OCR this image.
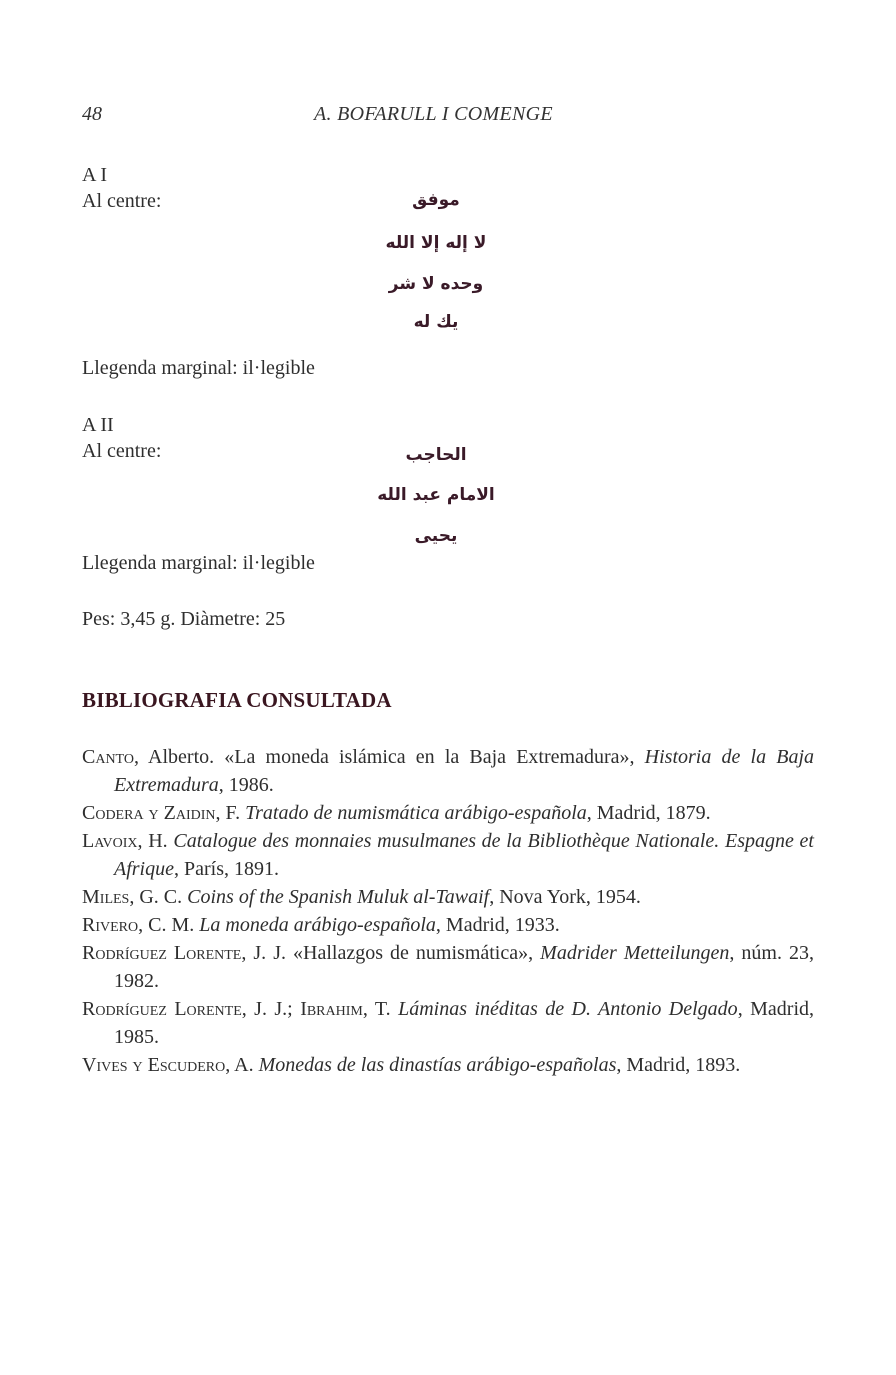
48	A. BOFARULL I COMENGE
A I
Al centre:	موفق
لا إله إلا الله
وحده لا شر
يك له
Llegenda marginal: il·legible
A II
Al centre:	الحاجب
الامام عبد الله
يحيى
Llegenda marginal: il·legible
Pes: 3,45 g. Diàmetre: 25
BIBLIOGRAFIA CONSULTADA

Canto, Alberto. «La moneda islámica en la Baja Extremadura», Historia de la Baja Extremadura, 1986.

Codera y Zaidin, F. Tratado de numismática arábigo-española, Madrid, 1879.

Lavoix, H. Catalogue des monnaies musulmanes de la Bibliothèque Nationale. Espagne et Afrique, París, 1891.

Miles, G. C. Coins of the Spanish Muluk al-Tawaif, Nova York, 1954.

Rivero, C. M. La moneda arábigo-española, Madrid, 1933.

Rodríguez Lorente, J. J. «Hallazgos de numismática», Madrider Metteilungen, núm. 23, 1982.

Rodríguez Lorente, J. J.; Ibrahim, T. Láminas inéditas de D. Antonio Delgado, Madrid, 1985.

Vives y Escudero, A. Monedas de las dinastías arábigo-españolas, Madrid, 1893.
